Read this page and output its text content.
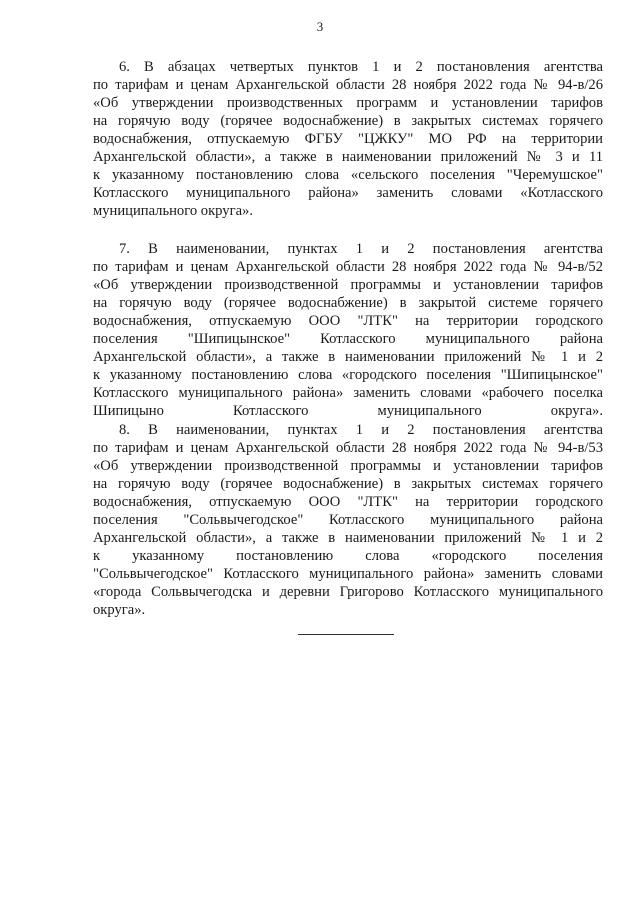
3
6. В абзацах четвертых пунктов 1 и 2 постановления агентства
по тарифам и ценам Архангельской области 28 ноября 2022 года № 94-в/26
«Об утверждении производственных программ и установлении тарифов
на горячую воду (горячее водоснабжение) в закрытых системах горячего
водоснабжения, отпускаемую ФГБУ "ЦЖКУ" МО РФ на территории
Архангельской области», а также в наименовании приложений № 3 и 11
к указанному постановлению слова «сельского поселения "Черемушское"
Котласского муниципального района» заменить словами «Котласского
муниципального округа».
7. В наименовании, пунктах 1 и 2 постановления агентства
по тарифам и ценам Архангельской области 28 ноября 2022 года № 94-в/52
«Об утверждении производственной программы и установлении тарифов
на горячую воду (горячее водоснабжение) в закрытой системе горячего
водоснабжения, отпускаемую ООО "ЛТК" на территории городского
поселения "Шипицынское" Котласского муниципального района
Архангельской области», а также в наименовании приложений № 1 и 2
к указанному постановлению слова «городского поселения "Шипицынское"
Котласского муниципального района» заменить словами «рабочего поселка
Шипицыно Котласского муниципального округа».
8. В наименовании, пунктах 1 и 2 постановления агентства
по тарифам и ценам Архангельской области 28 ноября 2022 года № 94-в/53
«Об утверждении производственной программы и установлении тарифов
на горячую воду (горячее водоснабжение) в закрытых системах горячего
водоснабжения, отпускаемую ООО "ЛТК" на территории городского
поселения "Сольвычегодское" Котласского муниципального района
Архангельской области», а также в наименовании приложений № 1 и 2
к указанному постановлению слова «городского поселения
"Сольвычегодское" Котласского муниципального района» заменить словами
«города Сольвычегодска и деревни Григорово Котласского муниципального
округа».
